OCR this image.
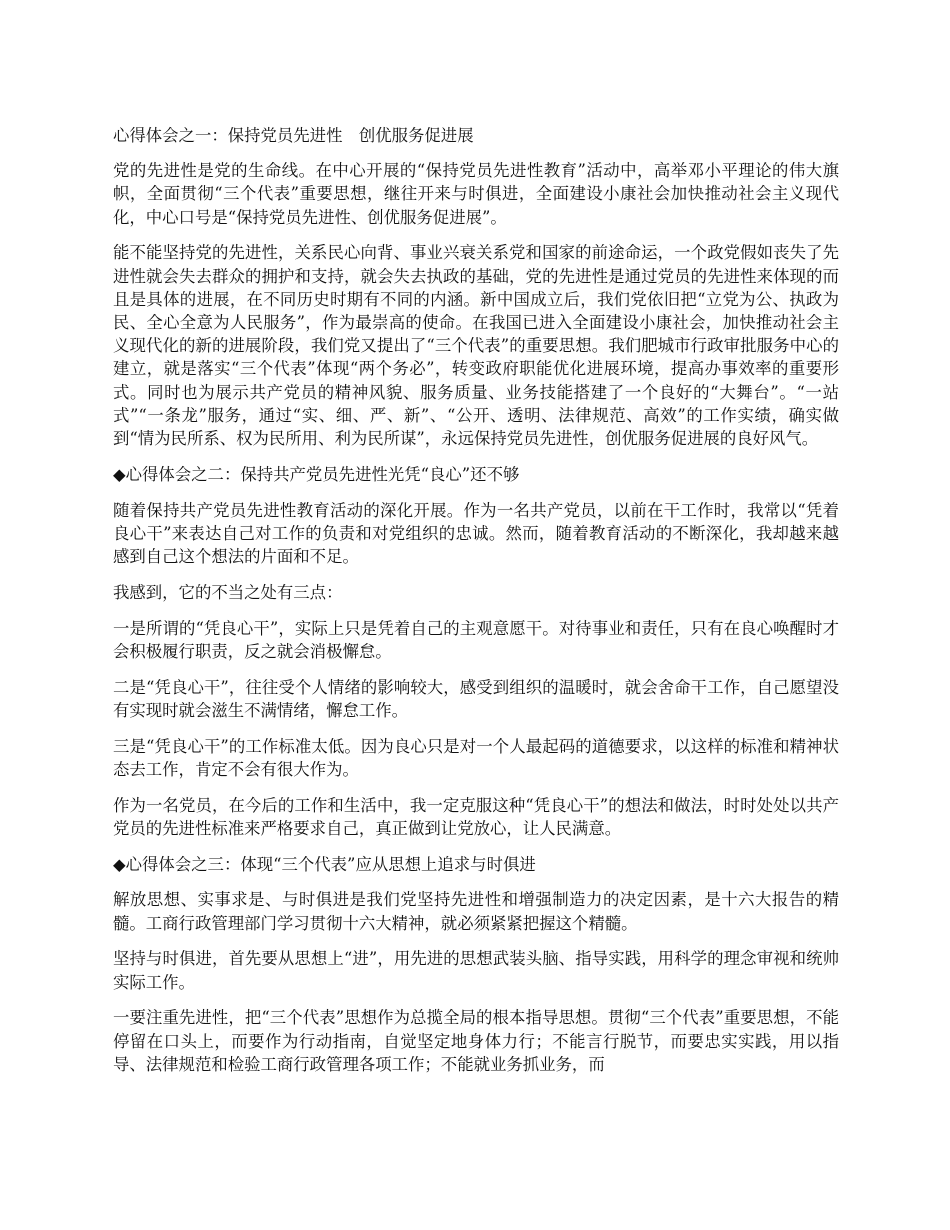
心得体会之一：保持党员先进性　创优服务促进展

党的先进性是党的生命线。在中心开展的“保持党员先进性教育”活动中，高举邓小平理论的伟大旗帜，全面贯彻“三个代表”重要思想，继往开来与时俱进，全面建设小康社会加快推动社会主义现代化，中心口号是“保持党员先进性、创优服务促进展”。

能不能坚持党的先进性，关系民心向背、事业兴衰关系党和国家的前途命运，一个政党假如丧失了先进性就会失去群众的拥护和支持，就会失去执政的基础，党的先进性是通过党员的先进性来体现的而且是具体的进展，在不同历史时期有不同的内涵。新中国成立后，我们党依旧把“立党为公、执政为民、全心全意为人民服务”，作为最崇高的使命。在我国已进入全面建设小康社会，加快推动社会主义现代化的新的进展阶段，我们党又提出了“三个代表”的重要思想。我们肥城市行政审批服务中心的建立，就是落实“三个代表”体现“两个务必”，转变政府职能优化进展环境，提高办事效率的重要形式。同时也为展示共产党员的精神风貌、服务质量、业务技能搭建了一个良好的“大舞台”。“一站式”“一条龙”服务，通过“实、细、严、新”、“公开、透明、法律规范、高效”的工作实绩，确实做到“情为民所系、权为民所用、利为民所谋”，永远保持党员先进性，创优服务促进展的良好风气。

◆心得体会之二：保持共产党员先进性光凭“良心”还不够

随着保持共产党员先进性教育活动的深化开展。作为一名共产党员，以前在干工作时，我常以“凭着良心干”来表达自己对工作的负责和对党组织的忠诚。然而，随着教育活动的不断深化，我却越来越感到自己这个想法的片面和不足。

我感到，它的不当之处有三点：

一是所谓的“凭良心干”，实际上只是凭着自己的主观意愿干。对待事业和责任，只有在良心唤醒时才会积极履行职责，反之就会消极懈怠。

二是“凭良心干”，往往受个人情绪的影响较大，感受到组织的温暖时，就会舍命干工作，自己愿望没有实现时就会滋生不满情绪，懈怠工作。

三是“凭良心干”的工作标准太低。因为良心只是对一个人最起码的道德要求，以这样的标准和精神状态去工作，肯定不会有很大作为。

作为一名党员，在今后的工作和生活中，我一定克服这种“凭良心干”的想法和做法，时时处处以共产党员的先进性标准来严格要求自己，真正做到让党放心，让人民满意。

◆心得体会之三：体现“三个代表”应从思想上追求与时俱进

解放思想、实事求是、与时俱进是我们党坚持先进性和增强制造力的决定因素，是十六大报告的精髓。工商行政管理部门学习贯彻十六大精神，就必须紧紧把握这个精髓。

坚持与时俱进，首先要从思想上“进”，用先进的思想武装头脑、指导实践，用科学的理念审视和统帅实际工作。

一要注重先进性，把“三个代表”思想作为总揽全局的根本指导思想。贯彻“三个代表”重要思想，不能停留在口头上，而要作为行动指南，自觉坚定地身体力行；不能言行脱节，而要忠实实践，用以指导、法律规范和检验工商行政管理各项工作；不能就业务抓业务，而
